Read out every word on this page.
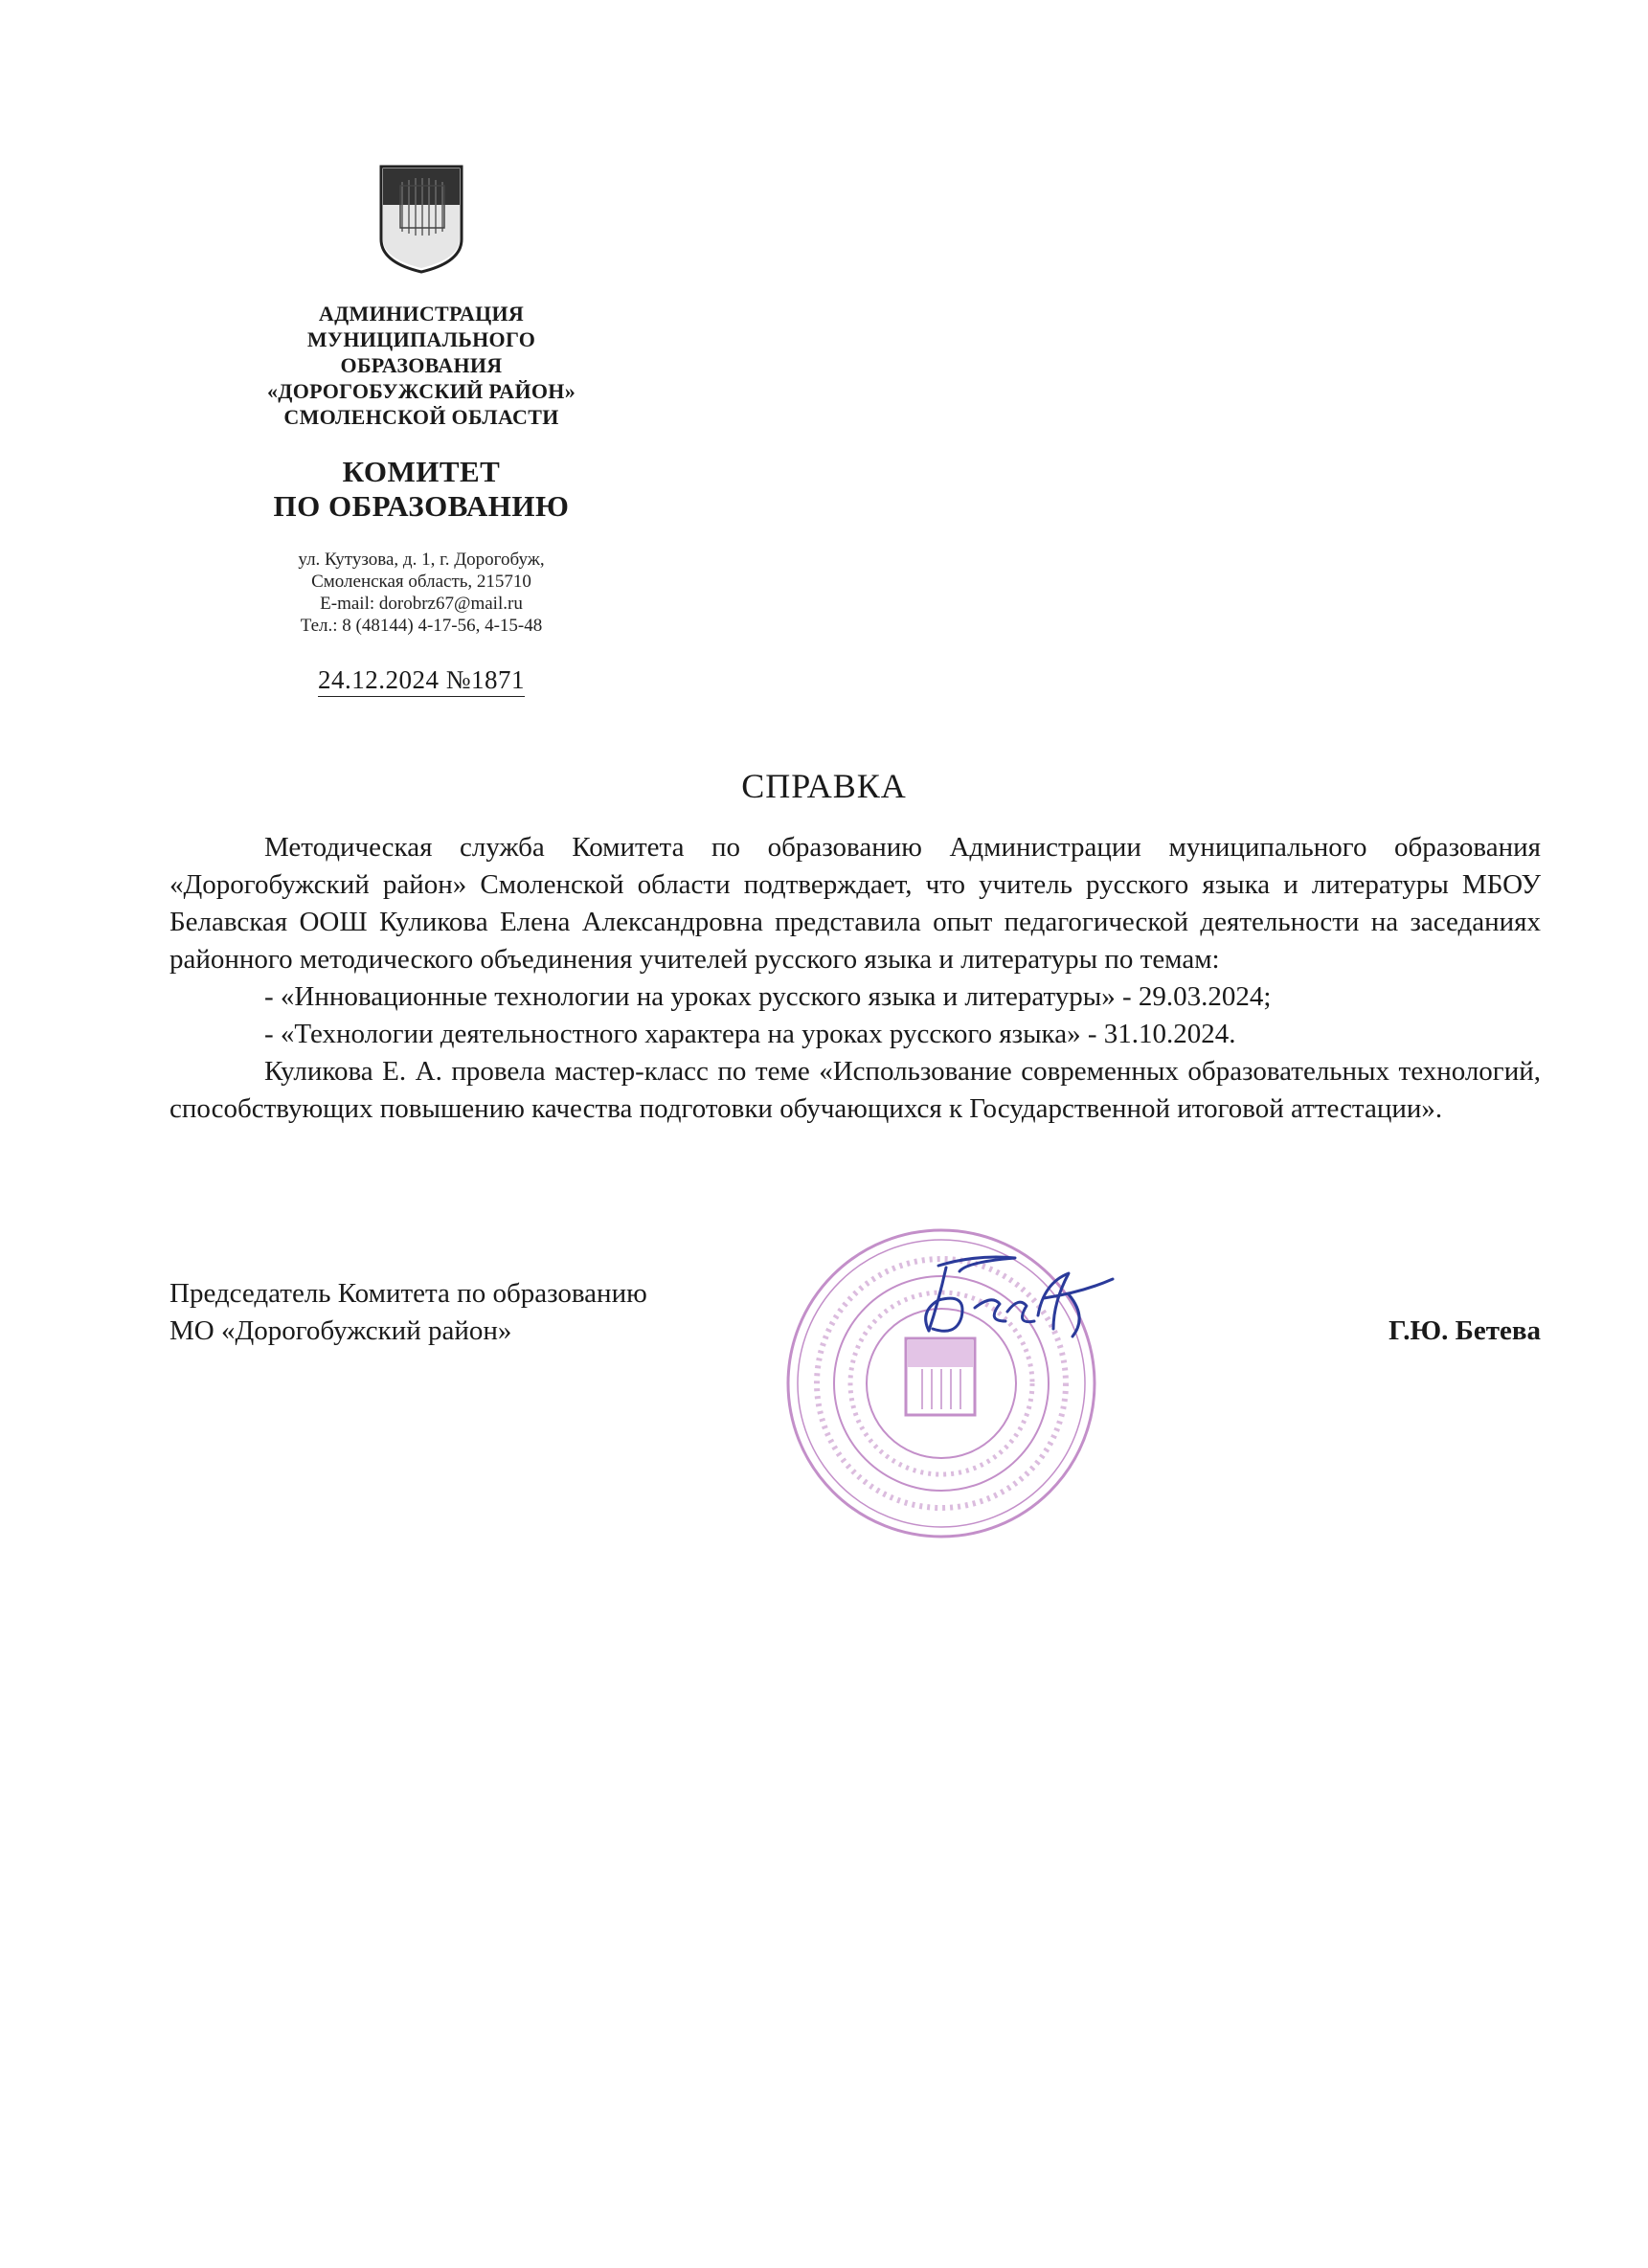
АДМИНИСТРАЦИЯ
МУНИЦИПАЛЬНОГО
ОБРАЗОВАНИЯ
«ДОРОГОБУЖСКИЙ РАЙОН»
СМОЛЕНСКОЙ ОБЛАСТИ
КОМИТЕТ
ПО ОБРАЗОВАНИЮ
ул. Кутузова, д. 1, г. Дорогобуж,
Смоленская область, 215710
E-mail: dorobrz67@mail.ru
Тел.: 8 (48144) 4-17-56, 4-15-48
24.12.2024 №1871
СПРАВКА

Методическая служба Комитета по образованию Администрации муниципального образования «Дорогобужский район» Смоленской области подтверждает, что учитель русского языка и литературы МБОУ Белавская ООШ Куликова Елена Александровна представила опыт педагогической деятельности на заседаниях районного методического объединения учителей русского языка и литературы по темам:

- «Инновационные технологии на уроках русского языка и литературы» - 29.03.2024;

- «Технологии деятельностного характера на уроках русского языка» - 31.10.2024.

Куликова Е. А. провела мастер-класс по теме «Использование современных образовательных технологий, способствующих повышению качества подготовки обучающихся к Государственной итоговой аттестации».

Председатель Комитета по образованию
МО «Дорогобужский район»	Г.Ю. Бетева
